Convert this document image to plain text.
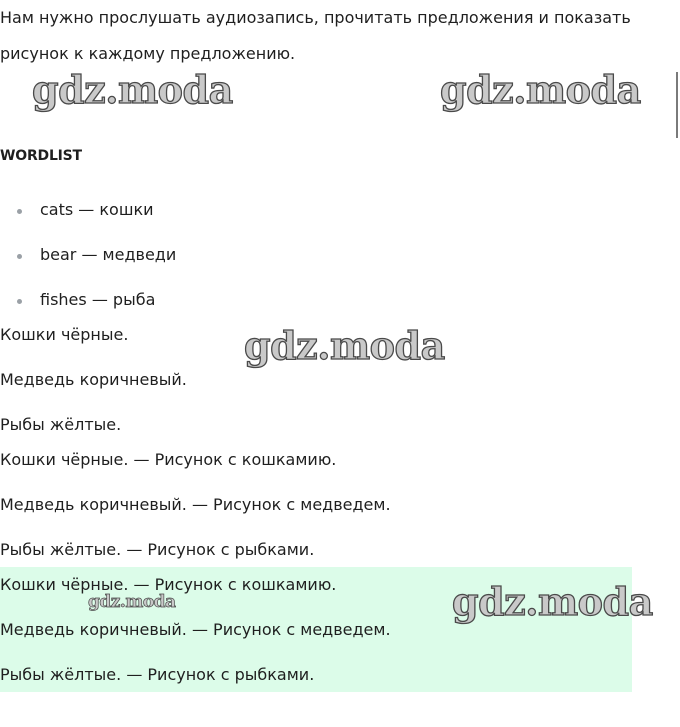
Нам нужно прослушать аудиозапись, прочитать предложения и показать
рисунок к каждому предложению.
WORDLIST
cats — кошки
bear — медведи
fishes — рыба
Кошки чёрные.
Медведь коричневый.
Рыбы жёлтые.
Кошки чёрные. — Рисунок с кошкамию.
Медведь коричневый. — Рисунок с медведем.
Рыбы жёлтые. — Рисунок с рыбками.
Кошки чёрные. — Рисунок с кошкамию.
Медведь коричневый. — Рисунок с медведем.
Рыбы жёлтые. — Рисунок с рыбками.
gdz.moda	gdz.moda
gdz.moda
gdz.moda
gdz.moda
